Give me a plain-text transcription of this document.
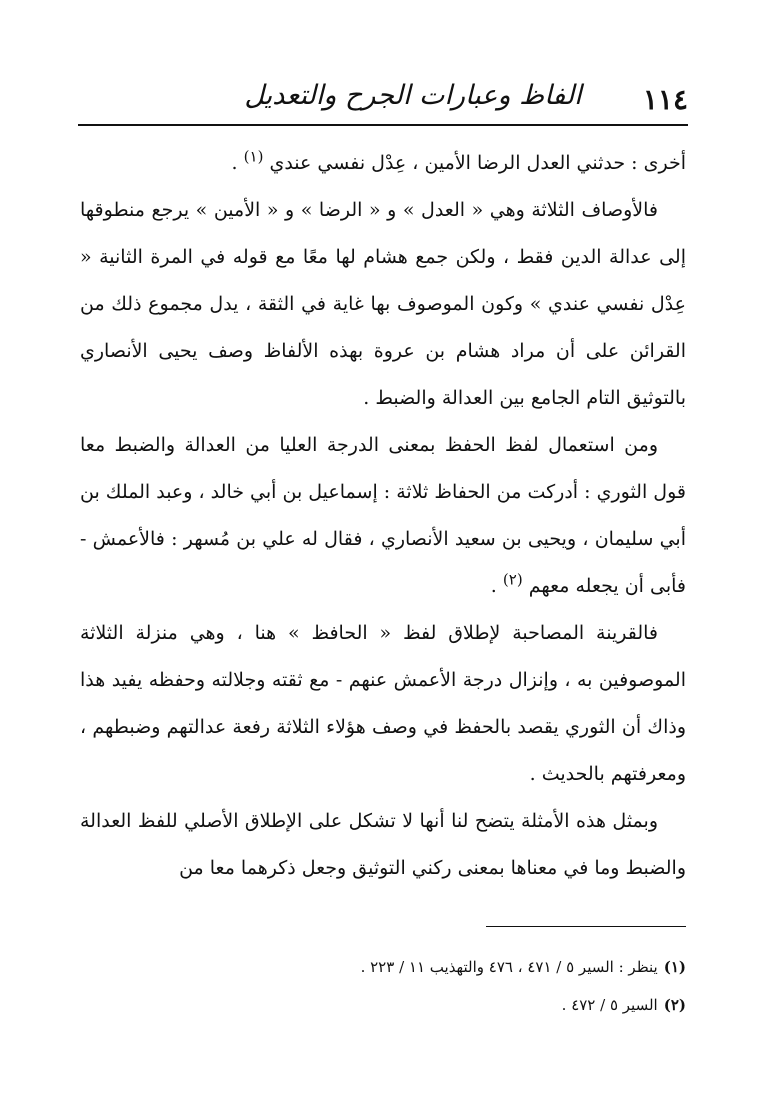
١١٤
الفاظ وعبارات الجرح والتعديل

أخرى : حدثني العدل الرضا الأمين ، عِدْل نفسي عندي $^{(١)}$ .

فالأوصاف الثلاثة وهي « العدل » و « الرضا » و « الأمين » يرجع منطوقها إلى عدالة الدين فقط ، ولكن جمع هشام لها معًا مع قوله في المرة الثانية « عِدْل نفسي عندي » وكون الموصوف بها غاية في الثقة ، يدل مجموع ذلك من القرائن على أن مراد هشام بن عروة بهذه الألفاظ وصف يحيى الأنصاري بالتوثيق التام الجامع بين العدالة والضبط .

ومن استعمال لفظ الحفظ بمعنى الدرجة العليا من العدالة والضبط معا قول الثوري : أدركت من الحفاظ ثلاثة : إسماعيل بن أبي خالد ، وعبد الملك بن أبي سليمان ، ويحيى بن سعيد الأنصاري ، فقال له علي بن مُسهر : فالأعمش - فأبى أن يجعله معهم $^{(٢)}$ .

فالقرينة المصاحبة لإطلاق لفظ « الحافظ » هنا ، وهي منزلة الثلاثة الموصوفين به ، وإنزال درجة الأعمش عنهم - مع ثقته وجلالته وحفظه يفيد هذا وذاك أن الثوري يقصد بالحفظ في وصف هؤلاء الثلاثة رفعة عدالتهم وضبطهم ، ومعرفتهم بالحديث .

وبمثل هذه الأمثلة يتضح لنا أنها لا تشكل على الإطلاق الأصلي للفظ العدالة والضبط وما في معناها بمعنى ركني التوثيق وجعل ذكرهما معا من

(١)ينظر : السير ٥ / ٤٧١ ، ٤٧٦ والتهذيب ١١ / ٢٢٣ .
(٢)السير ٥ / ٤٧٢ .
